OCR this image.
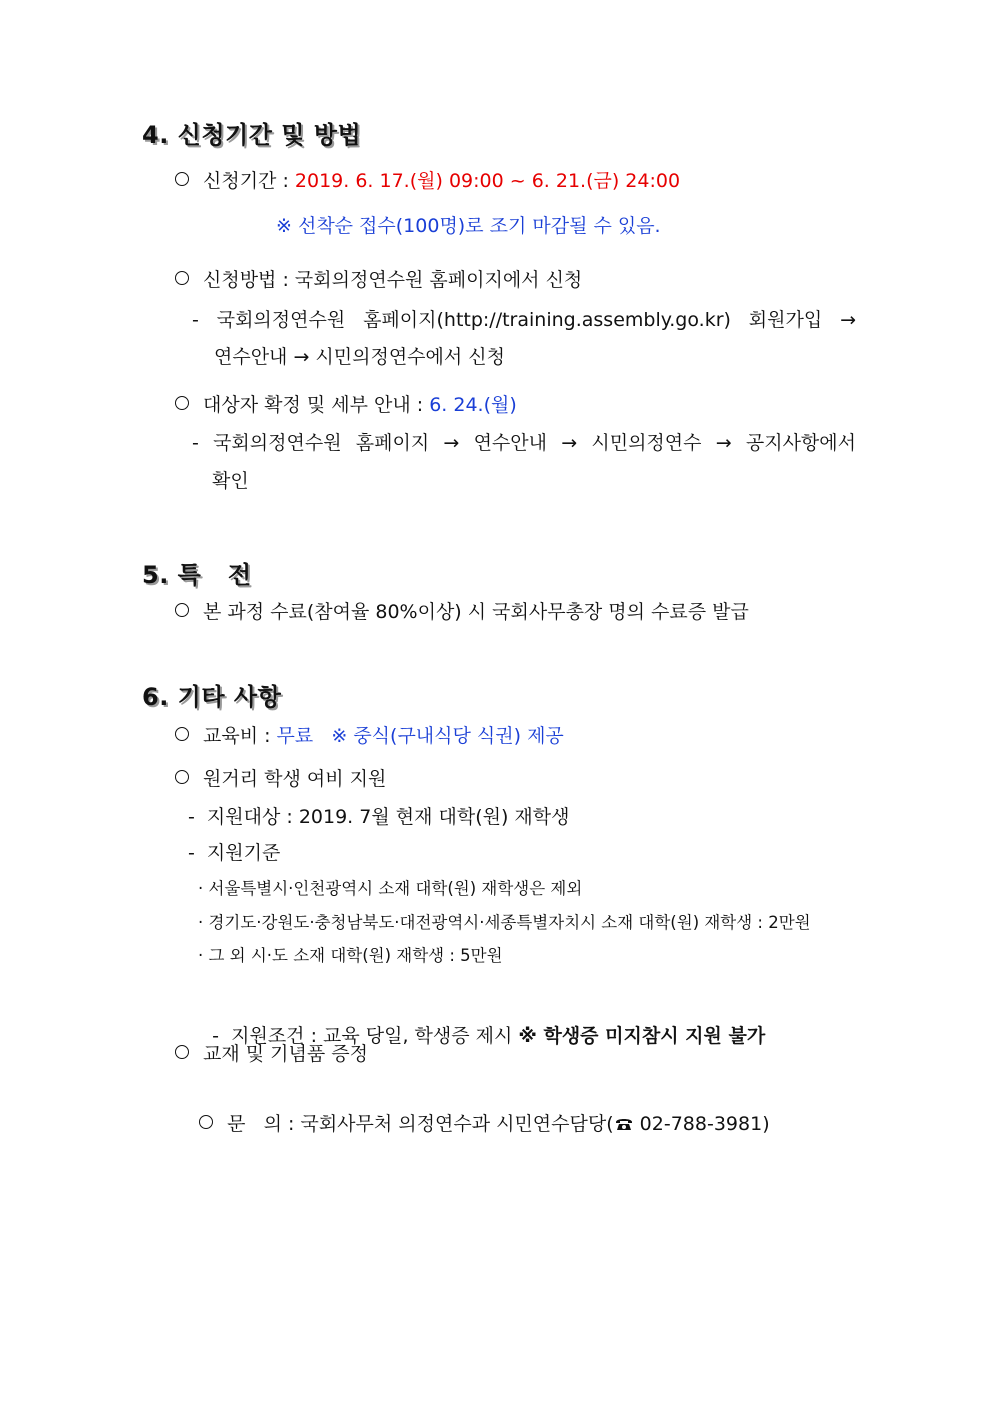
4. 신청기간 및 방법
신청기간 : 2019. 6. 17.(월) 09:00 ~ 6. 21.(금) 24:00
※ 선착순 접수(100명)로 조기 마감될 수 있음.
신청방법 : 국회의정연수원 홈페이지에서 신청
- 국회의정연수원 홈페이지(http://training.assembly.go.kr) 회원가입 →
연수안내 → 시민의정연수에서 신청
대상자 확정 및 세부 안내 : 6. 24.(월)
- 국회의정연수원 홈페이지 → 연수안내 → 시민의정연수 → 공지사항에서
확인
5. 특   전
본 과정 수료(참여율 80%이상) 시 국회사무총장 명의 수료증 발급
6. 기타 사항
교육비 : 무료   ※ 중식(구내식당 식권) 제공
원거리 학생 여비 지원
-  지원대상 : 2019. 7월 현재 대학(원) 재학생
-  지원기준
· 서울특별시·인천광역시 소재 대학(원) 재학생은 제외
· 경기도·강원도·충청남북도·대전광역시·세종특별자치시 소재 대학(원) 재학생 : 2만원
· 그 외 시·도 소재 대학(원) 재학생 : 5만원

-  지원조건 : 교육 당일, 학생증 제시 ※ 학생증 미지참시 지원 불가

교재 및 기념품 증정

문   의 : 국회사무처 의정연수과 시민연수담당( 02-788-3981)
